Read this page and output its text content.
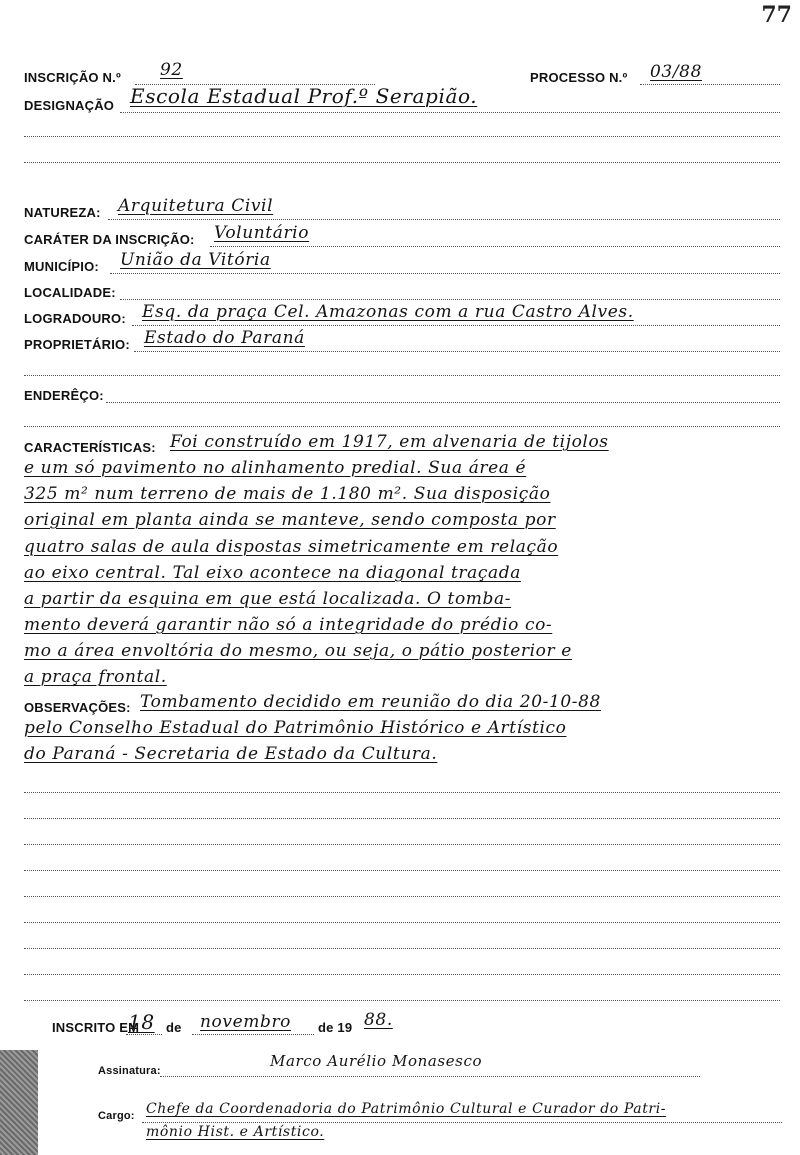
77
INSCRIÇÃO N.º 92	PROCESSO N.º 03/88
DESIGNAÇÃO Escola Estadual Prof.º Serapião.
NATUREZA: Arquitetura Civil
CARÁTER DA INSCRIÇÃO: Voluntário
MUNICÍPIO: União da Vitória
LOCALIDADE:
LOGRADOURO: Esq. da praça Cel. Amazonas com a rua Castro Alves.
PROPRIETÁRIO: Estado do Paraná
ENDERÊÇO:
CARACTERÍSTICAS: Foi construído em 1917, em alvenaria de tijolos
e um só pavimento no alinhamento predial. Sua área é
325 m² num terreno de mais de 1.180 m². Sua disposição
original em planta ainda se manteve, sendo composta por
quatro salas de aula dispostas simetricamente em relação
ao eixo central. Tal eixo acontece na diagonal traçada
a partir da esquina em que está localizada. O tomba-
mento deverá garantir não só a integridade do prédio co-
mo a área envoltória do mesmo, ou seja, o pátio posterior e
a praça frontal.
OBSERVAÇÕES: Tombamento decidido em reunião do dia 20-10-88
pelo Conselho Estadual do Patrimônio Histórico e Artístico
do Paraná - Secretaria de Estado da Cultura.
INSCRITO EM
18 de novembro de 19 88.
Assinatura:
Marco Aurélio Monasesco
Cargo: Chefe da Coordenadoria do Patrimônio Cultural e Curador do Patri-
mônio Hist. e Artístico.
